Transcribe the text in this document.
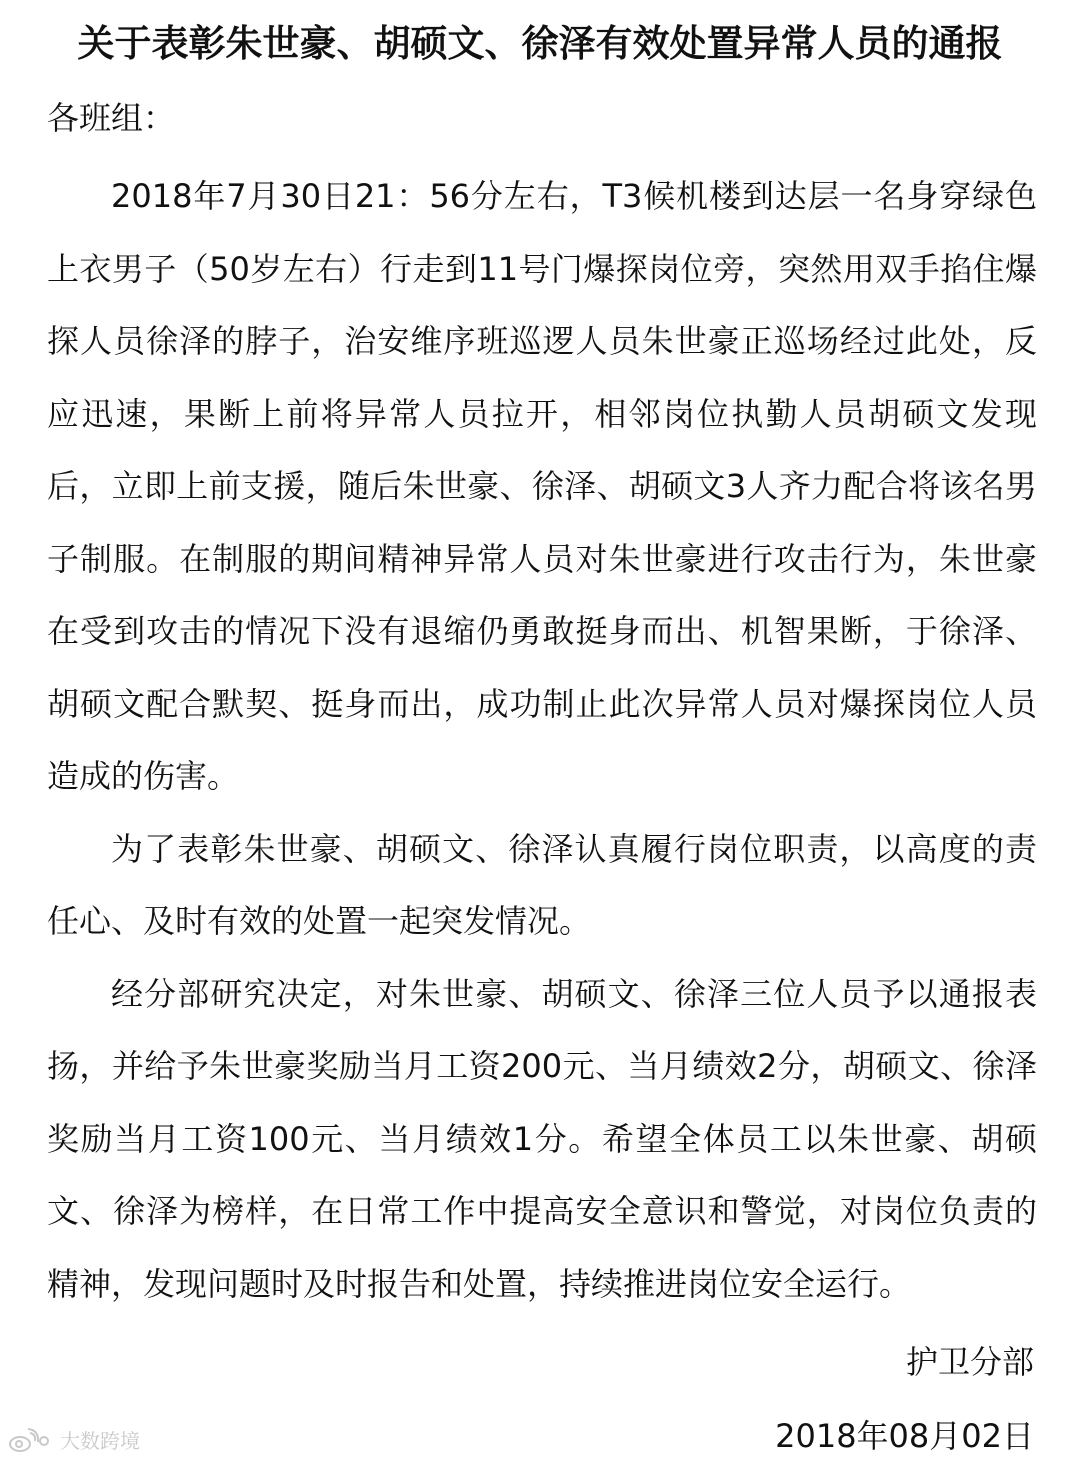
关于表彰朱世豪、胡硕文、徐泽有效处置异常人员的通报
各班组：

2018年7月30日21：56分左右，T3候机楼到达层一名身穿绿色上衣男子（50岁左右）行走到11号门爆探岗位旁，突然用双手掐住爆探人员徐泽的脖子，治安维序班巡逻人员朱世豪正巡场经过此处，反应迅速，果断上前将异常人员拉开，相邻岗位执勤人员胡硕文发现后，立即上前支援，随后朱世豪、徐泽、胡硕文3人齐力配合将该名男子制服。在制服的期间精神异常人员对朱世豪进行攻击行为，朱世豪在受到攻击的情况下没有退缩仍勇敢挺身而出、机智果断，于徐泽、胡硕文配合默契、挺身而出，成功制止此次异常人员对爆探岗位人员造成的伤害。

为了表彰朱世豪、胡硕文、徐泽认真履行岗位职责，以高度的责任心、及时有效的处置一起突发情况。

经分部研究决定，对朱世豪、胡硕文、徐泽三位人员予以通报表扬，并给予朱世豪奖励当月工资200元、当月绩效2分，胡硕文、徐泽奖励当月工资100元、当月绩效1分。希望全体员工以朱世豪、胡硕文、徐泽为榜样，在日常工作中提高安全意识和警觉，对岗位负责的精神，发现问题时及时报告和处置，持续推进岗位安全运行。

护卫分部
2018年08月02日
大数跨境
